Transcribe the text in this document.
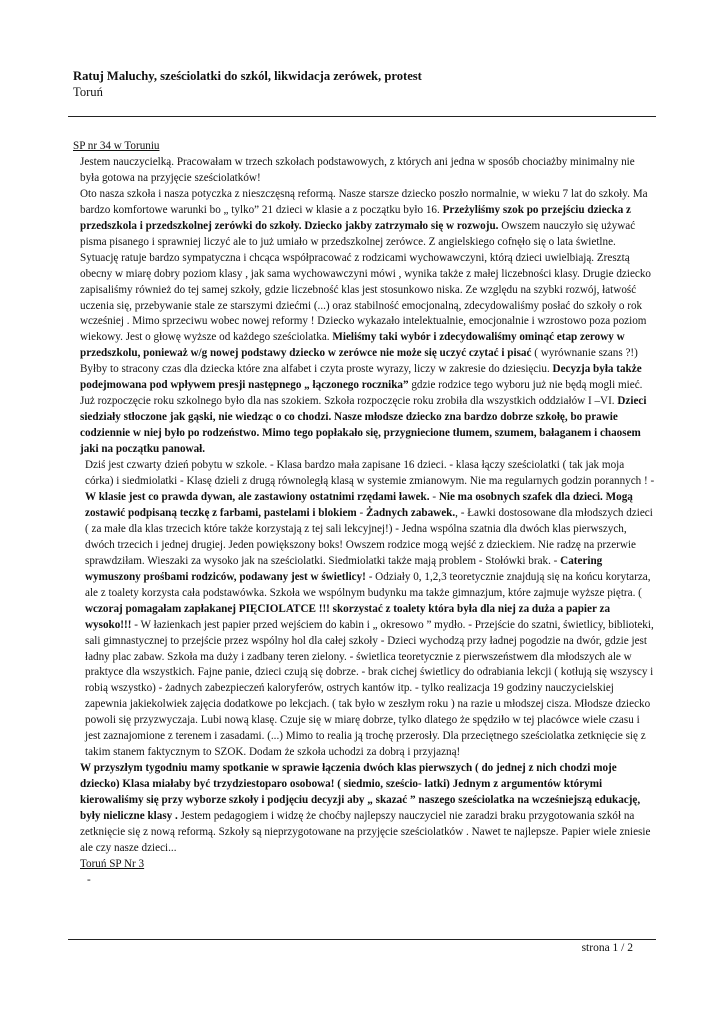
Ratuj Maluchy, sześciolatki do szkól, likwidacja zerówek, protest
Toruń

SP nr 34 w Toruniu

Jestem nauczycielką. Pracowałam w trzech szkołach podstawowych, z których ani jedna w sposób chociażby minimalny nie była gotowa na przyjęcie sześciolatków!

Oto nasza szkoła i nasza potyczka z nieszczęsną reformą. Nasze starsze dziecko poszło normalnie, w wieku 7 lat do szkoły. Ma bardzo komfortowe warunki bo „ tylko” 21 dzieci w klasie a z początku było 16. Przeżyliśmy szok po przejściu dziecka z przedszkola i przedszkolnej zerówki do szkoły. Dziecko jakby zatrzymało się w rozwoju. Owszem nauczyło się używać pisma pisanego i sprawniej liczyć ale to już umiało w przedszkolnej zerówce. Z angielskiego cofnęło się o lata świetlne. Sytuację ratuje bardzo sympatyczna i chcąca współpracować z rodzicami wychowawczyni, którą dzieci uwielbiają. Zresztą obecny w miarę dobry poziom klasy , jak sama wychowawczyni mówi , wynika także z małej liczebności klasy. Drugie dziecko zapisaliśmy również do tej samej szkoły, gdzie liczebność klas jest stosunkowo niska. Ze względu na szybki rozwój, łatwość uczenia się, przebywanie stale ze starszymi dziećmi (...) oraz stabilność emocjonalną, zdecydowaliśmy posłać do szkoły o rok wcześniej . Mimo sprzeciwu wobec nowej reformy ! Dziecko wykazało intelektualnie, emocjonalnie i wzrostowo poza poziom wiekowy. Jest o głowę wyższe od każdego sześciolatka. Mieliśmy taki wybór i zdecydowaliśmy ominąć etap zerowy w przedszkolu, ponieważ w/g nowej podstawy dziecko w zerówce nie może się uczyć czytać i pisać ( wyrównanie szans ?!) Byłby to stracony czas dla dziecka które zna alfabet i czyta proste wyrazy, liczy w zakresie do dziesięciu. Decyzja była także podejmowana pod wpływem presji następnego „ łączonego rocznika” gdzie rodzice tego wyboru już nie będą mogli mieć. Już rozpoczęcie roku szkolnego było dla nas szokiem. Szkoła rozpoczęcie roku zrobiła dla wszystkich oddziałów I –VI. Dzieci siedziały stłoczone jak gąski, nie wiedząc o co chodzi. Nasze młodsze dziecko zna bardzo dobrze szkołę, bo prawie codziennie w niej było po rodzeństwo. Mimo tego popłakało się, przygniecione tłumem, szumem, bałaganem i chaosem jaki na początku panował.

Dziś jest czwarty dzień pobytu w szkole. - Klasa bardzo mała zapisane 16 dzieci. - klasa łączy sześciolatki ( tak jak moja córka) i siedmiolatki - Klasę dzieli z drugą równoległą klasą w systemie zmianowym. Nie ma regularnych godzin porannych ! - W klasie jest co prawda dywan, ale zastawiony ostatnimi rzędami ławek. - Nie ma osobnych szafek dla dzieci. Mogą zostawić podpisaną teczkę z farbami, pastelami i blokiem - Żadnych zabawek., - Ławki dostosowane dla młodszych dzieci ( za małe dla klas trzecich które także korzystają z tej sali lekcyjnej!) - Jedna wspólna szatnia dla dwóch klas pierwszych, dwóch trzecich i jednej drugiej. Jeden powiększony boks! Owszem rodzice mogą wejść z dzieckiem. Nie radzę na przerwie sprawdziłam. Wieszaki za wysoko jak na sześciolatki. Siedmiolatki także mają problem - Stołówki brak. - Catering wymuszony prośbami rodziców, podawany jest w świetlicy! - Odziały 0, 1,2,3 teoretycznie znajdują się na końcu korytarza, ale z toalety korzysta cała podstawówka. Szkoła we wspólnym budynku ma także gimnazjum, które zajmuje wyższe piętra. ( wczoraj pomagałam zapłakanej PIĘCIOLATCE !!! skorzystać z toalety która była dla niej za duża a papier za wysoko!!! - W łazienkach jest papier przed wejściem do kabin i „ okresowo ” mydło. - Przejście do szatni, świetlicy, biblioteki, sali gimnastycznej to przejście przez wspólny hol dla całej szkoły - Dzieci wychodzą przy ładnej pogodzie na dwór, gdzie jest ładny plac zabaw. Szkoła ma duży i zadbany teren zielony. - świetlica teoretycznie z pierwszeństwem dla młodszych ale w praktyce dla wszystkich. Fajne panie, dzieci czują się dobrze. - brak cichej świetlicy do odrabiania lekcji ( kotłują się wszyscy i robią wszystko) - żadnych zabezpieczeń kaloryferów, ostrych kantów itp. - tylko realizacja 19 godziny nauczycielskiej zapewnia jakiekolwiek zajęcia dodatkowe po lekcjach. ( tak było w zeszłym roku ) na razie u młodszej cisza. Młodsze dziecko powoli się przyzwyczaja. Lubi nową klasę. Czuje się w miarę dobrze, tylko dlatego że spędziło w tej placówce wiele czasu i jest zaznajomione z terenem i zasadami. (...) Mimo to realia ją trochę przerosły. Dla przeciętnego sześciolatka zetknięcie się z takim stanem faktycznym to SZOK. Dodam że szkoła uchodzi za dobrą i przyjazną!

W przyszłym tygodniu mamy spotkanie w sprawie łączenia dwóch klas pierwszych ( do jednej z nich chodzi moje dziecko) Klasa miałaby być trzydziestoparo osobowa! ( siedmio, sześcio- latki) Jednym z argumentów którymi kierowaliśmy się przy wyborze szkoły i podjęciu decyzji aby „ skazać ” naszego sześciolatka na wcześniejszą edukację, były nieliczne klasy . Jestem pedagogiem i widzę że choćby najlepszy nauczyciel nie zaradzi braku przygotowania szkół na zetknięcie się z nową reformą. Szkoły są nieprzygotowane na przyjęcie sześciolatków . Nawet te najlepsze. Papier wiele zniesie ale czy nasze dzieci...

Toruń SP Nr 3

-

strona 1 / 2
